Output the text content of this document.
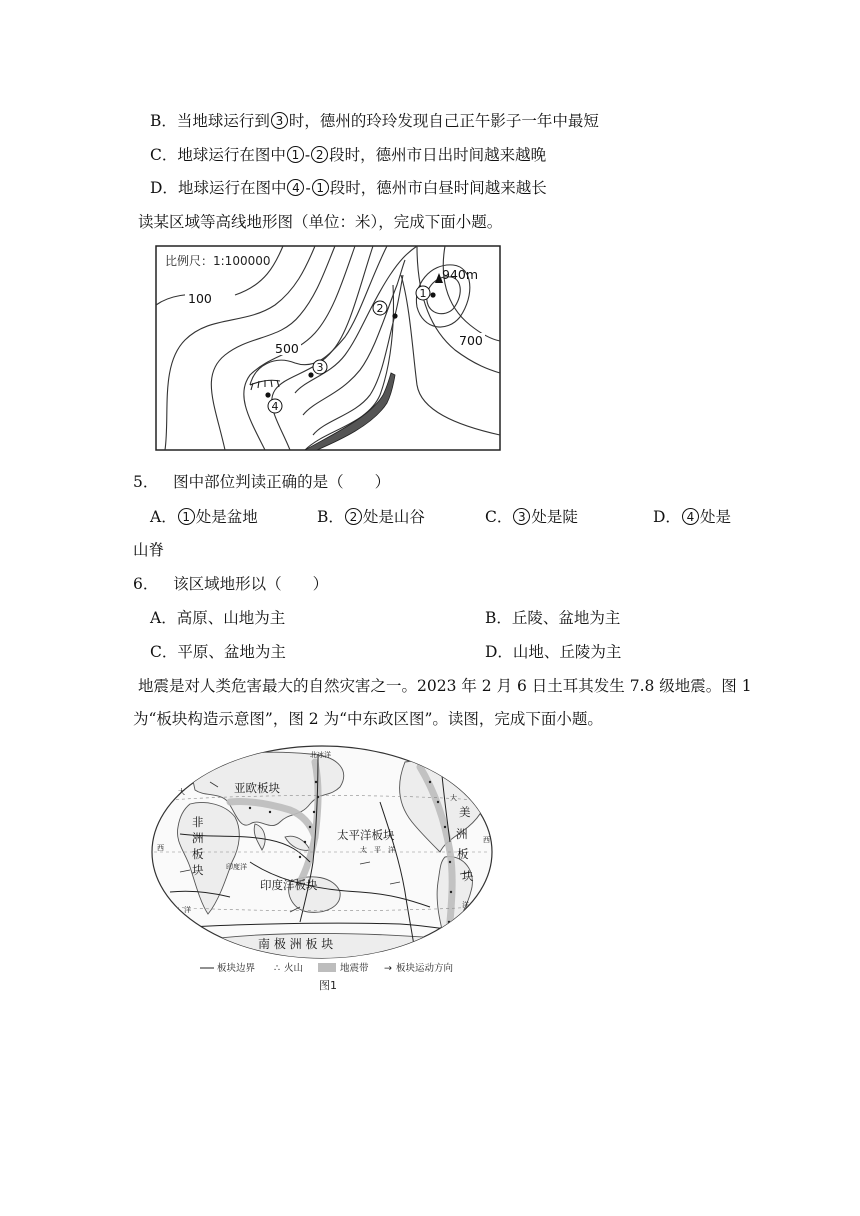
B．当地球运行到 3 时，德州的玲玲发现自己正午影子一年中最短
C．地球运行在图中 1 - 2 段时，德州市日出时间越来越晚
D．地球运行在图中 4 - 1 段时，德州市白昼时间越来越长
读某区域等高线地形图（单位：米），完成下面小题。
比例尺：1:100000
940m
1
2
3
4
100
500
700
5． 图中部位判读正确的是（　　）
A． 1 处是盆地	B． 2 处是山谷	C． 3 处是陡	D． 4 处是
山脊
6． 该区域地形以（　　）
A．高原、山地为主	B．丘陵、盆地为主
C．平原、盆地为主	D．山地、丘陵为主
地震是对人类危害最大的自然灾害之一。2023 年 2 月 6 日土耳其发生 7.8 级地震。图 1
为“板块构造示意图”，图 2 为“中东政区图”。读图，完成下面小题。
北冰洋
亚欧板块
非
洲
板
块
太平洋板块
太　平　洋
印度洋
印度洋板块
美
洲
板
块
南 极 洲 板 块
大
西
洋
西
大
洋
板块边界 ∴ 火山	地震带 → 板块运动方向
图1
